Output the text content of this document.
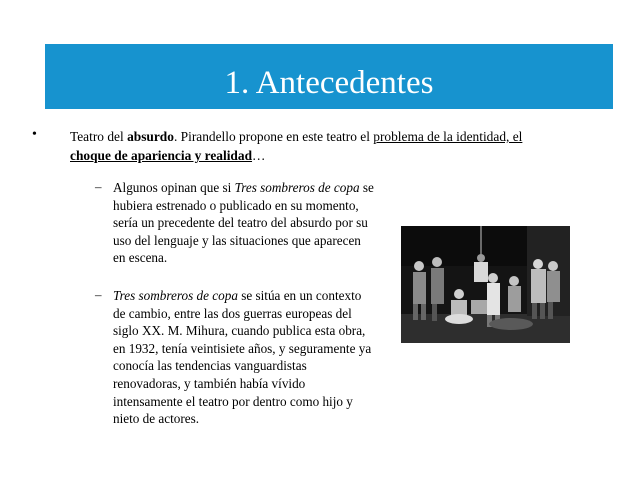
1. Antecedentes
• Teatro del absurdo. Pirandello propone en este teatro el problema de la identidad, el
choque de apariencia y realidad…
– Algunos opinan que si Tres sombreros de copa se hubiera estrenado o publicado en su momento, sería un precedente del teatro del absurdo por su uso del lenguaje y las situaciones que aparecen en escena.
– Tres sombreros de copa se sitúa en un contexto de cambio, entre las dos guerras europeas del siglo XX. M. Mihura, cuando publica esta obra, en 1932, tenía veintisiete años, y seguramente ya conocía las tendencias vanguardistas renovadoras, y también había vívido intensamente el teatro por dentro como hijo y nieto de actores.
